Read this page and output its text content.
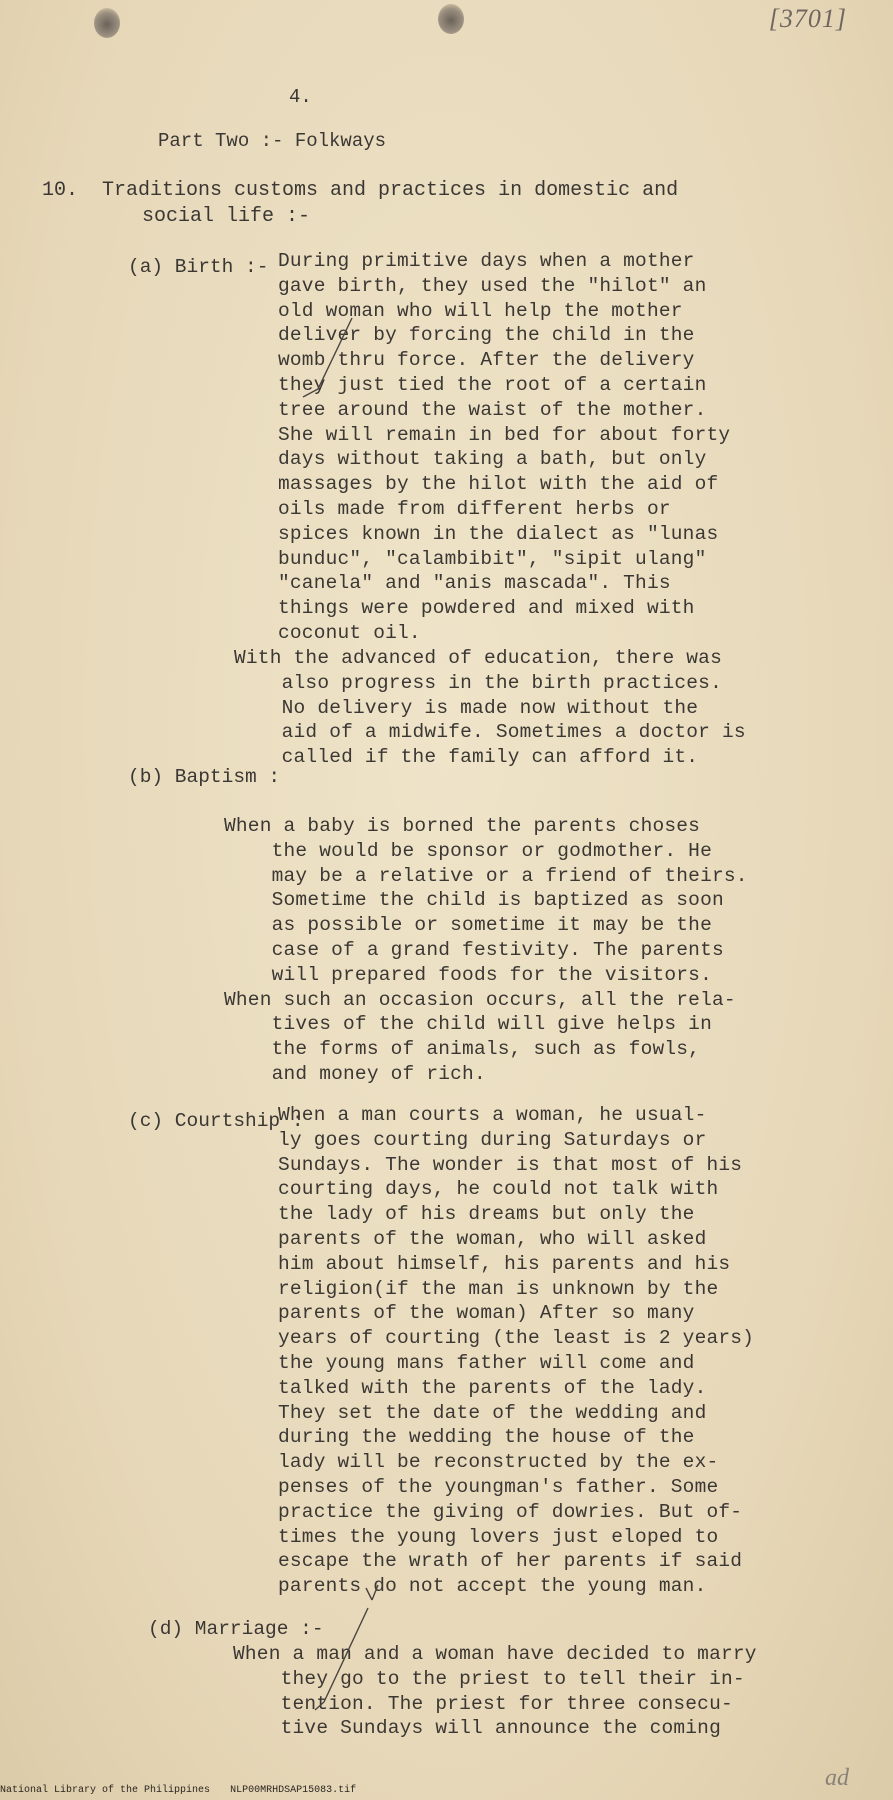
[3701]
4.
Part Two :- Folkways
10. Traditions customs and practices in domestic and
social life :-
(a) Birth :- During primitive days when a mother
gave birth, they used the "hilot" an
old woman who will help the mother
deliver by forcing the child in the
womb thru force. After the delivery
they just tied the root of a certain
tree around the waist of the mother.
She will remain in bed for about forty
days without taking a bath, but only
massages by the hilot with the aid of
oils made from different herbs or
spices known in the dialect as "lunas
bunduc", "calambibit", "sipit ulang"
"canela" and "anis mascada". This
things were powdered and mixed with
coconut oil.
With the advanced of education, there was
also progress in the birth practices.
No delivery is made now without the
aid of a midwife. Sometimes a doctor is
called if the family can afford it.
(b) Baptism :
When a baby is borned the parents choses
the would be sponsor or godmother. He
may be a relative or a friend of theirs.
Sometime the child is baptized as soon
as possible or sometime it may be the
case of a grand festivity. The parents
will prepared foods for the visitors.
When such an occasion occurs, all the rela-
tives of the child will give helps in
the forms of animals, such as fowls,
and money of rich.
(c) Courtship :
When a man courts a woman, he usual-
ly goes courting during Saturdays or
Sundays. The wonder is that most of his
courting days, he could not talk with
the lady of his dreams but only the
parents of the woman, who will asked
him about himself, his parents and his
religion(if the man is unknown by the
parents of the woman) After so many
years of courting (the least is 2 years)
the young mans father will come and
talked with the parents of the lady.
They set the date of the wedding and
during the wedding the house of the
lady will be reconstructed by the ex-
penses of the youngman's father. Some
practice the giving of dowries. But of-
times the young lovers just eloped to
escape the wrath of her parents if said
parents do not accept the young man.
(d) Marriage :-
When a man and a woman have decided to marry
they go to the priest to tell their in-
tention. The priest for three consecu-
tive Sundays will announce the coming
ad
National Library of the Philippines NLP00MRHDSAP15083.tif
